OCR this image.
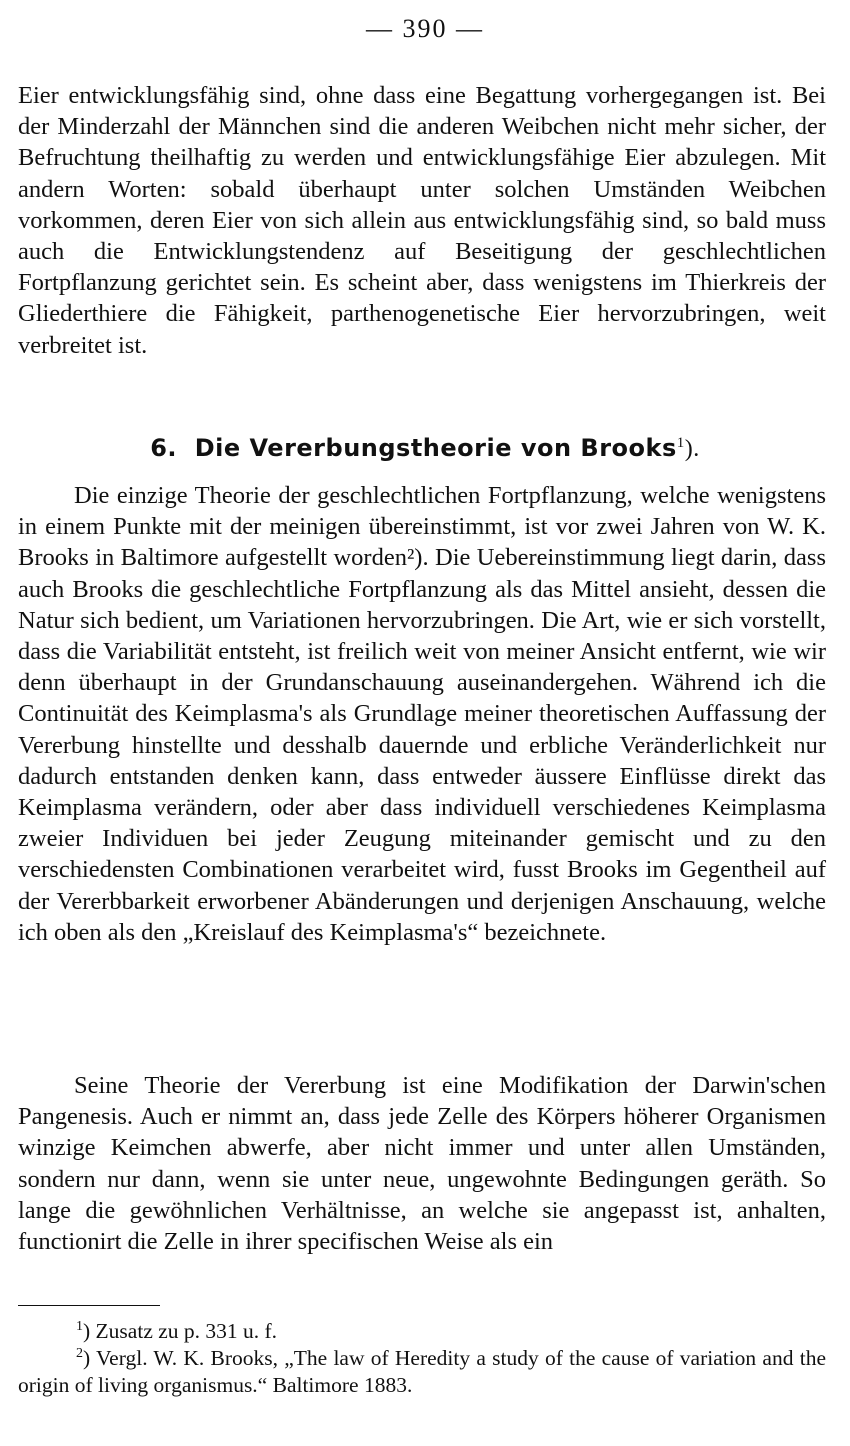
— 390 —

Eier entwicklungsfähig sind, ohne dass eine Begattung vorhergegangen ist. Bei der Minderzahl der Männchen sind die anderen Weibchen nicht mehr sicher, der Befruchtung theilhaftig zu werden und entwicklungsfähige Eier abzulegen. Mit andern Worten: sobald überhaupt unter solchen Umständen Weibchen vorkommen, deren Eier von sich allein aus entwicklungsfähig sind, so bald muss auch die Entwicklungstendenz auf Beseitigung der geschlechtlichen Fortpflanzung gerichtet sein. Es scheint aber, dass wenigstens im Thierkreis der Gliederthiere die Fähigkeit, parthenogenetische Eier hervorzubringen, weit verbreitet ist.

6. Die Vererbungstheorie von Brooks$^1$).

Die einzige Theorie der geschlechtlichen Fortpflanzung, welche wenigstens in einem Punkte mit der meinigen übereinstimmt, ist vor zwei Jahren von W. K. Brooks in Baltimore aufgestellt worden²). Die Uebereinstimmung liegt darin, dass auch Brooks die geschlechtliche Fortpflanzung als das Mittel ansieht, dessen die Natur sich bedient, um Variationen hervorzubringen. Die Art, wie er sich vorstellt, dass die Variabilität entsteht, ist freilich weit von meiner Ansicht entfernt, wie wir denn überhaupt in der Grundanschauung auseinandergehen. Während ich die Continuität des Keimplasma's als Grundlage meiner theoretischen Auffassung der Vererbung hinstellte und desshalb dauernde und erbliche Veränderlichkeit nur dadurch entstanden denken kann, dass entweder äussere Einflüsse direkt das Keimplasma verändern, oder aber dass individuell verschiedenes Keimplasma zweier Individuen bei jeder Zeugung miteinander gemischt und zu den verschiedensten Combinationen verarbeitet wird, fusst Brooks im Gegentheil auf der Vererbbarkeit erworbener Abänderungen und derjenigen Anschauung, welche ich oben als den „Kreislauf des Keimplasma's“ bezeichnete.

Seine Theorie der Vererbung ist eine Modifikation der Darwin'schen Pangenesis. Auch er nimmt an, dass jede Zelle des Körpers höherer Organismen winzige Keimchen abwerfe, aber nicht immer und unter allen Umständen, sondern nur dann, wenn sie unter neue, ungewohnte Bedingungen geräth. So lange die gewöhnlichen Verhältnisse, an welche sie angepasst ist, anhalten, functionirt die Zelle in ihrer specifischen Weise als ein

$^1$) Zusatz zu p. 331 u. f.
$^2$) Vergl. W. K. Brooks, „The law of Heredity a study of the cause of variation and the origin of living organismus.“ Baltimore 1883.
